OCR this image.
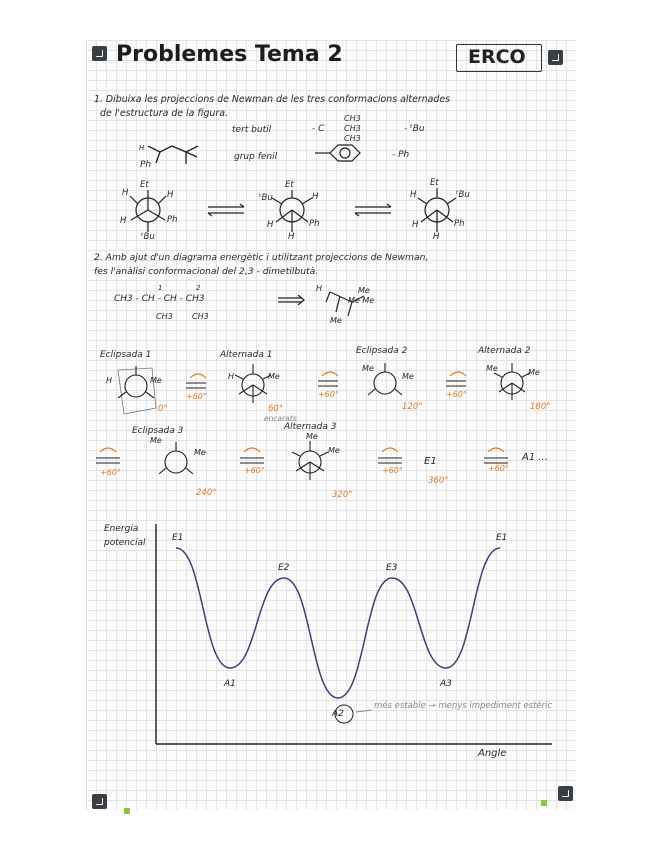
Problemes Tema 2	ERCO
1. Dibuixa les projeccions de Newman de les tres conformacions alternades
de l'estructura de la figura.
tert butil	- C
CH3
CH3
CH3
- ᵗBu
grup fenil	- Ph
H
Ph
Et
H	H
H	Ph
ᵗBu
Et
ᵗBu	H
H	Ph
H
Et
H	ᵗBu
H	Ph
H
2. Amb ajut d'un diagrama energètic i utilitzant projeccions de Newman,
fes l'anàlisi conformacional del 2,3 - dimetilbutà.
1	2
CH3 - CH - CH - CH3
CH3 CH3
H	Me
Me Me
Me
Eclipsada 1	Alternada 1	Eclipsada 2	Alternada 2
Eclipsada 3	Alternada 3
0°	60°
encarats
120°	180°
240°	320°
360°
+60°	+60°	+60°
+60°	+60°	+60°	+60°
Me
H	Me
H
Me
Me
Me	Me
Me
Me
Me
Me
E1	A1 ...
E1
A1
E2
A2
E3
A3
E1
Energia
potencial
Angle
més estable → menys impediment estèric
